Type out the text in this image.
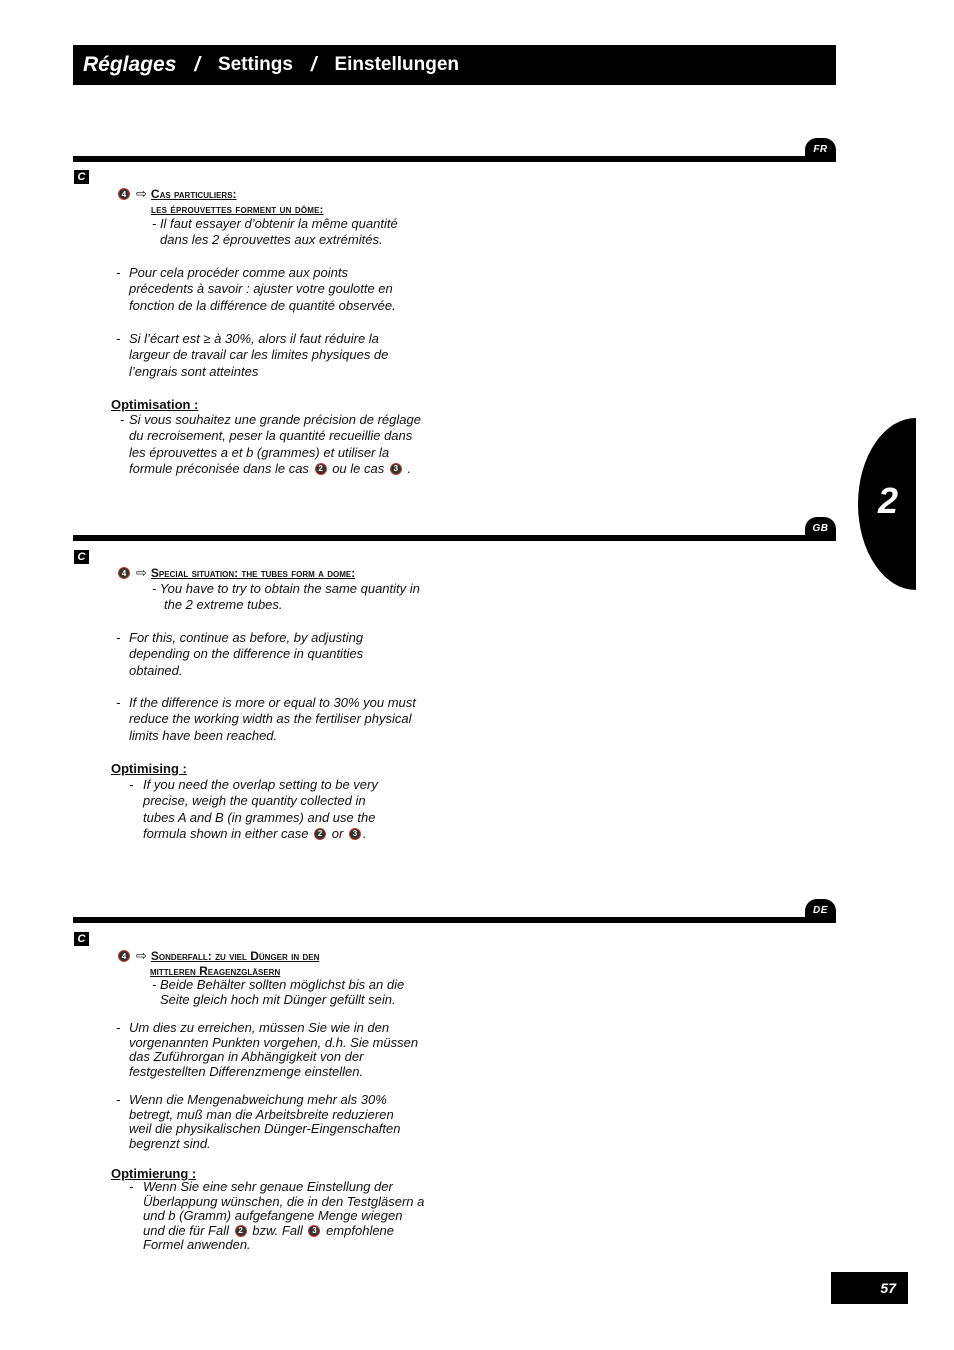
Réglages / Settings / Einstellungen
2
FR
C
4 ⇨ Cas particuliers:
les éprouvettes forment un dôme:
- Il faut essayer d’obtenir la même quantité
dans les 2 éprouvettes aux extrémités.
- Pour cela procéder comme aux points
précedents à savoir : ajuster votre goulotte en
fonction de la différence de quantité observée.
- Si l’écart est ≥ à 30%, alors il faut réduire la
largeur de travail car les limites physiques de
l’engrais sont atteintes
Optimisation :
- Si vous souhaitez une grande précision de réglage
du recroisement, peser la quantité recueillie dans
les éprouvettes a et b (grammes) et utiliser la
formule préconisée dans le cas 2 ou le cas 3 .
GB
C
4 ⇨ Special situation: the tubes form a dome:
- You have to try to obtain the same quantity in
the 2 extreme tubes.
- For this, continue as before, by adjusting
depending on the difference in quantities
obtained.
- If the difference is more or equal to 30% you must
reduce the working width as the fertiliser physical
limits have been reached.
Optimising :
- If you need the overlap setting to be very
precise, weigh the quantity collected in
tubes A and B (in grammes) and use the
formula shown in either case 2 or 3 .
DE
C
4 ⇨ Sonderfall: zu viel Dünger in den
mittleren Reagenzgläsern
- Beide Behälter sollten möglichst bis an die
Seite gleich hoch mit Dünger gefüllt sein.
- Um dies zu erreichen, müssen Sie wie in den
vorgenannten Punkten vorgehen, d.h. Sie müssen
das Zuführorgan in Abhängigkeit von der
festgestellten Differenzmenge einstellen.
- Wenn die Mengenabweichung mehr als 30%
betregt, muß man die Arbeitsbreite reduzieren
weil die physikalischen Dünger-Eingenschaften
begrenzt sind.
Optimierung :
- Wenn Sie eine sehr genaue Einstellung der
Überlappung wünschen, die in den Testgläsern a
und b (Gramm) aufgefangene Menge wiegen
und die für Fall 2 bzw. Fall 3 empfohlene
Formel anwenden.
57
